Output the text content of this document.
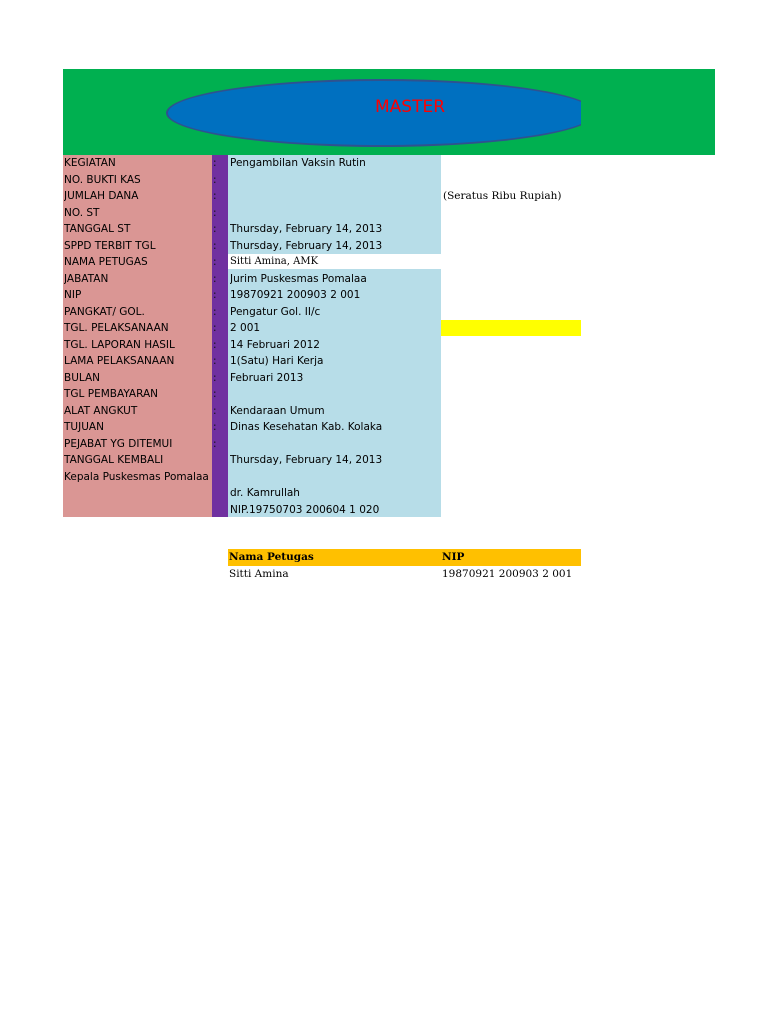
MASTER
KEGIATAN	:	Pengambilan Vaksin Rutin
NO. BUKTI KAS	:
JUMLAH DANA	:	(Seratus Ribu Rupiah)
NO. ST	:
TANGGAL ST	:	Thursday, February 14, 2013
SPPD TERBIT TGL	:	Thursday, February 14, 2013
NAMA PETUGAS	:	Sitti Amina, AMK
JABATAN	:	Jurim Puskesmas Pomalaa
NIP	:	19870921 200903 2 001
PANGKAT/ GOL.	:	Pengatur Gol. II/c
TGL. PELAKSANAAN	:	2 001
TGL. LAPORAN HASIL	:	14 Februari 2012
LAMA PELAKSANAAN	:	1(Satu) Hari Kerja
BULAN	:	Februari 2013
TGL PEMBAYARAN	:
ALAT ANGKUT	:	Kendaraan Umum
TUJUAN	:	Dinas Kesehatan Kab. Kolaka
PEJABAT YG DITEMUI	:
TANGGAL KEMBALI	Thursday, February 14, 2013
Kepala Puskesmas Pomalaa
dr. Kamrullah
NIP.19750703 200604 1 020
Nama Petugas	NIP
Sitti Amina	19870921 200903 2 001
